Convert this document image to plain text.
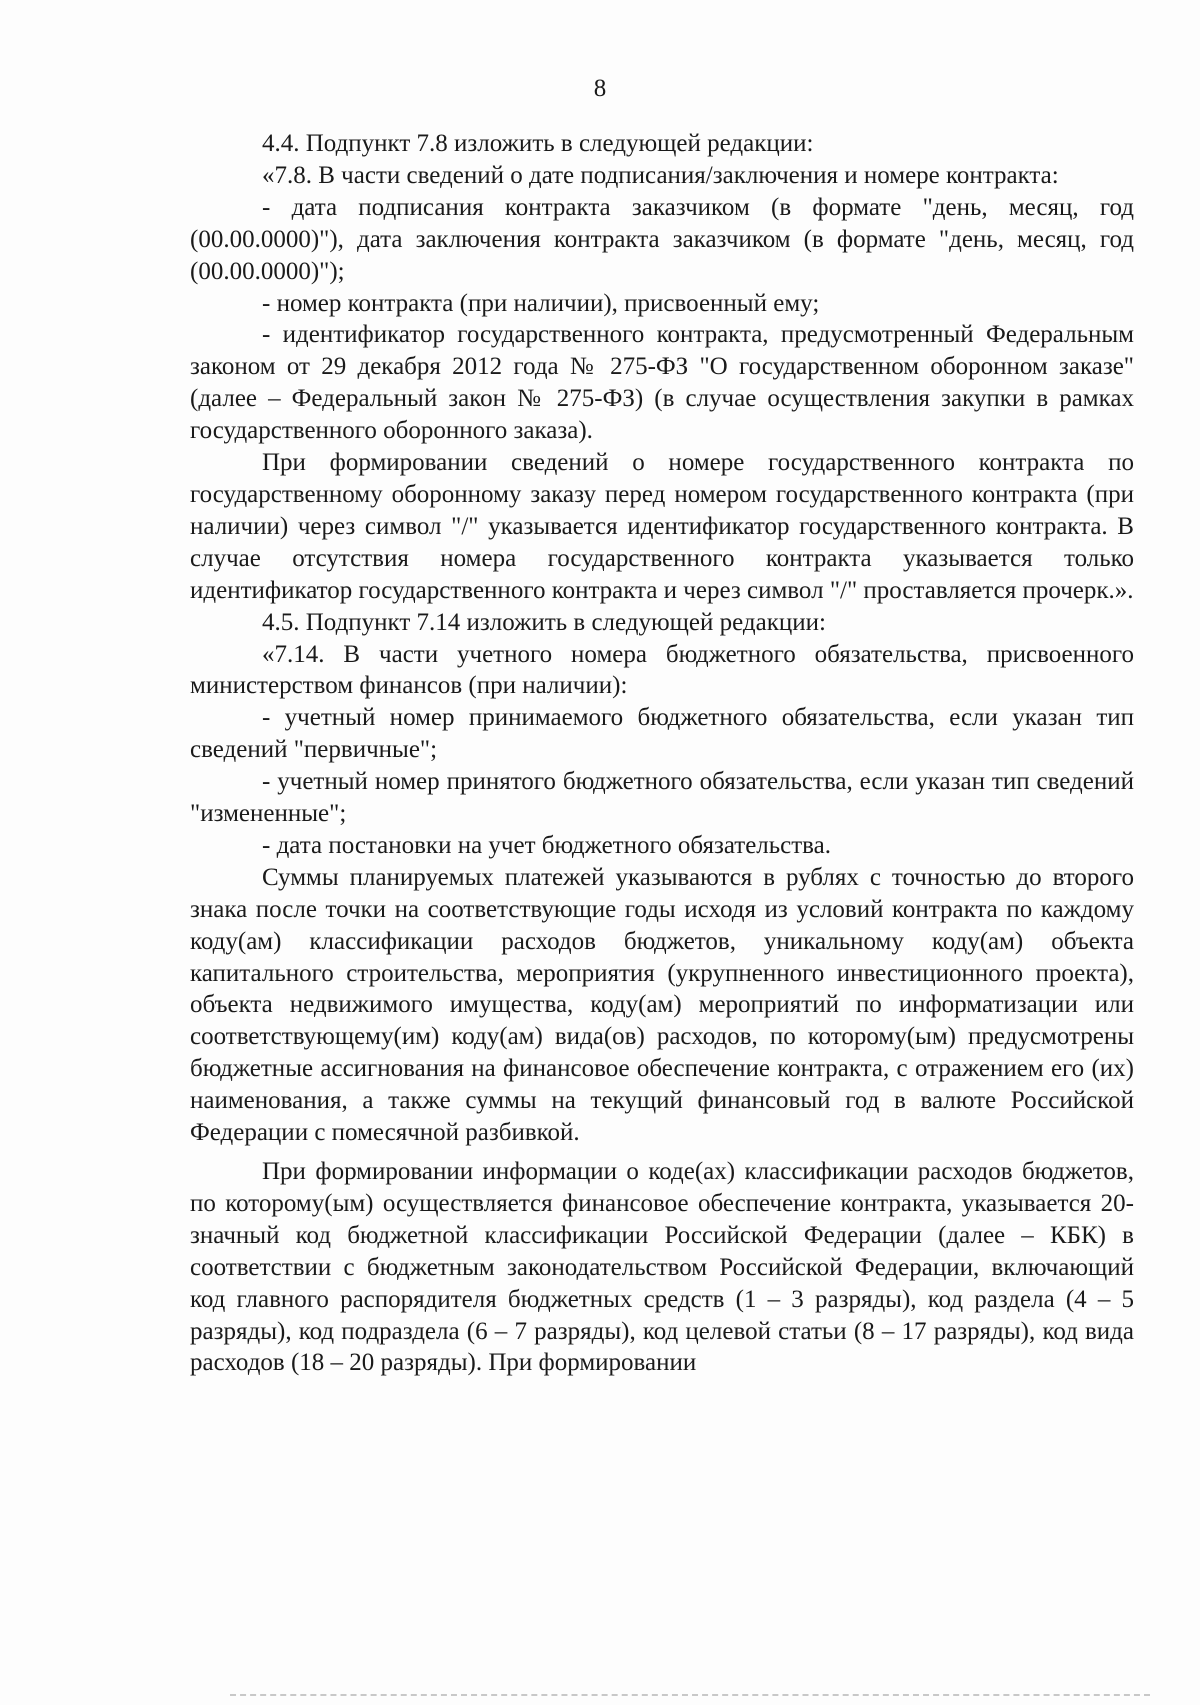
8

4.4. Подпункт 7.8 изложить в следующей редакции:

«7.8. В части сведений о дате подписания/заключения и номере контракта:

- дата подписания контракта заказчиком (в формате "день, месяц, год (00.00.0000)"), дата заключения контракта заказчиком (в формате "день, месяц, год (00.00.0000)");

- номер контракта (при наличии), присвоенный ему;

- идентификатор государственного контракта, предусмотренный Федеральным законом от 29 декабря 2012 года № 275-ФЗ "О государственном оборонном заказе" (далее – Федеральный закон № 275-ФЗ) (в случае осуществления закупки в рамках государственного оборонного заказа).

При формировании сведений о номере государственного контракта по государственному оборонному заказу перед номером государственного контракта (при наличии) через символ "/" указывается идентификатор государственного контракта. В случае отсутствия номера государственного контракта указывается только идентификатор государственного контракта и через символ "/" проставляется прочерк.».

4.5. Подпункт 7.14 изложить в следующей редакции:

«7.14. В части учетного номера бюджетного обязательства, присвоенного министерством финансов (при наличии):

- учетный номер принимаемого бюджетного обязательства, если указан тип сведений "первичные";

- учетный номер принятого бюджетного обязательства, если указан тип сведений "измененные";

- дата постановки на учет бюджетного обязательства.

Суммы планируемых платежей указываются в рублях с точностью до второго знака после точки на соответствующие годы исходя из условий контракта по каждому коду(ам) классификации расходов бюджетов, уникальному коду(ам) объекта капитального строительства, мероприятия (укрупненного инвестиционного проекта), объекта недвижимого имущества, коду(ам) мероприятий по информатизации или соответствующему(им) коду(ам) вида(ов) расходов, по которому(ым) предусмотрены бюджетные ассигнования на финансовое обеспечение контракта, с отражением его (их) наименования, а также суммы на текущий финансовый год в валюте Российской Федерации с помесячной разбивкой.

При формировании информации о коде(ах) классификации расходов бюджетов, по которому(ым) осуществляется финансовое обеспечение контракта, указывается 20-значный код бюджетной классификации Российской Федерации (далее – КБК) в соответствии с бюджетным законодательством Российской Федерации, включающий код главного распорядителя бюджетных средств (1 – 3 разряды), код раздела (4 – 5 разряды), код подраздела (6 – 7 разряды), код целевой статьи (8 – 17 разряды), код вида расходов (18 – 20 разряды). При формировании
